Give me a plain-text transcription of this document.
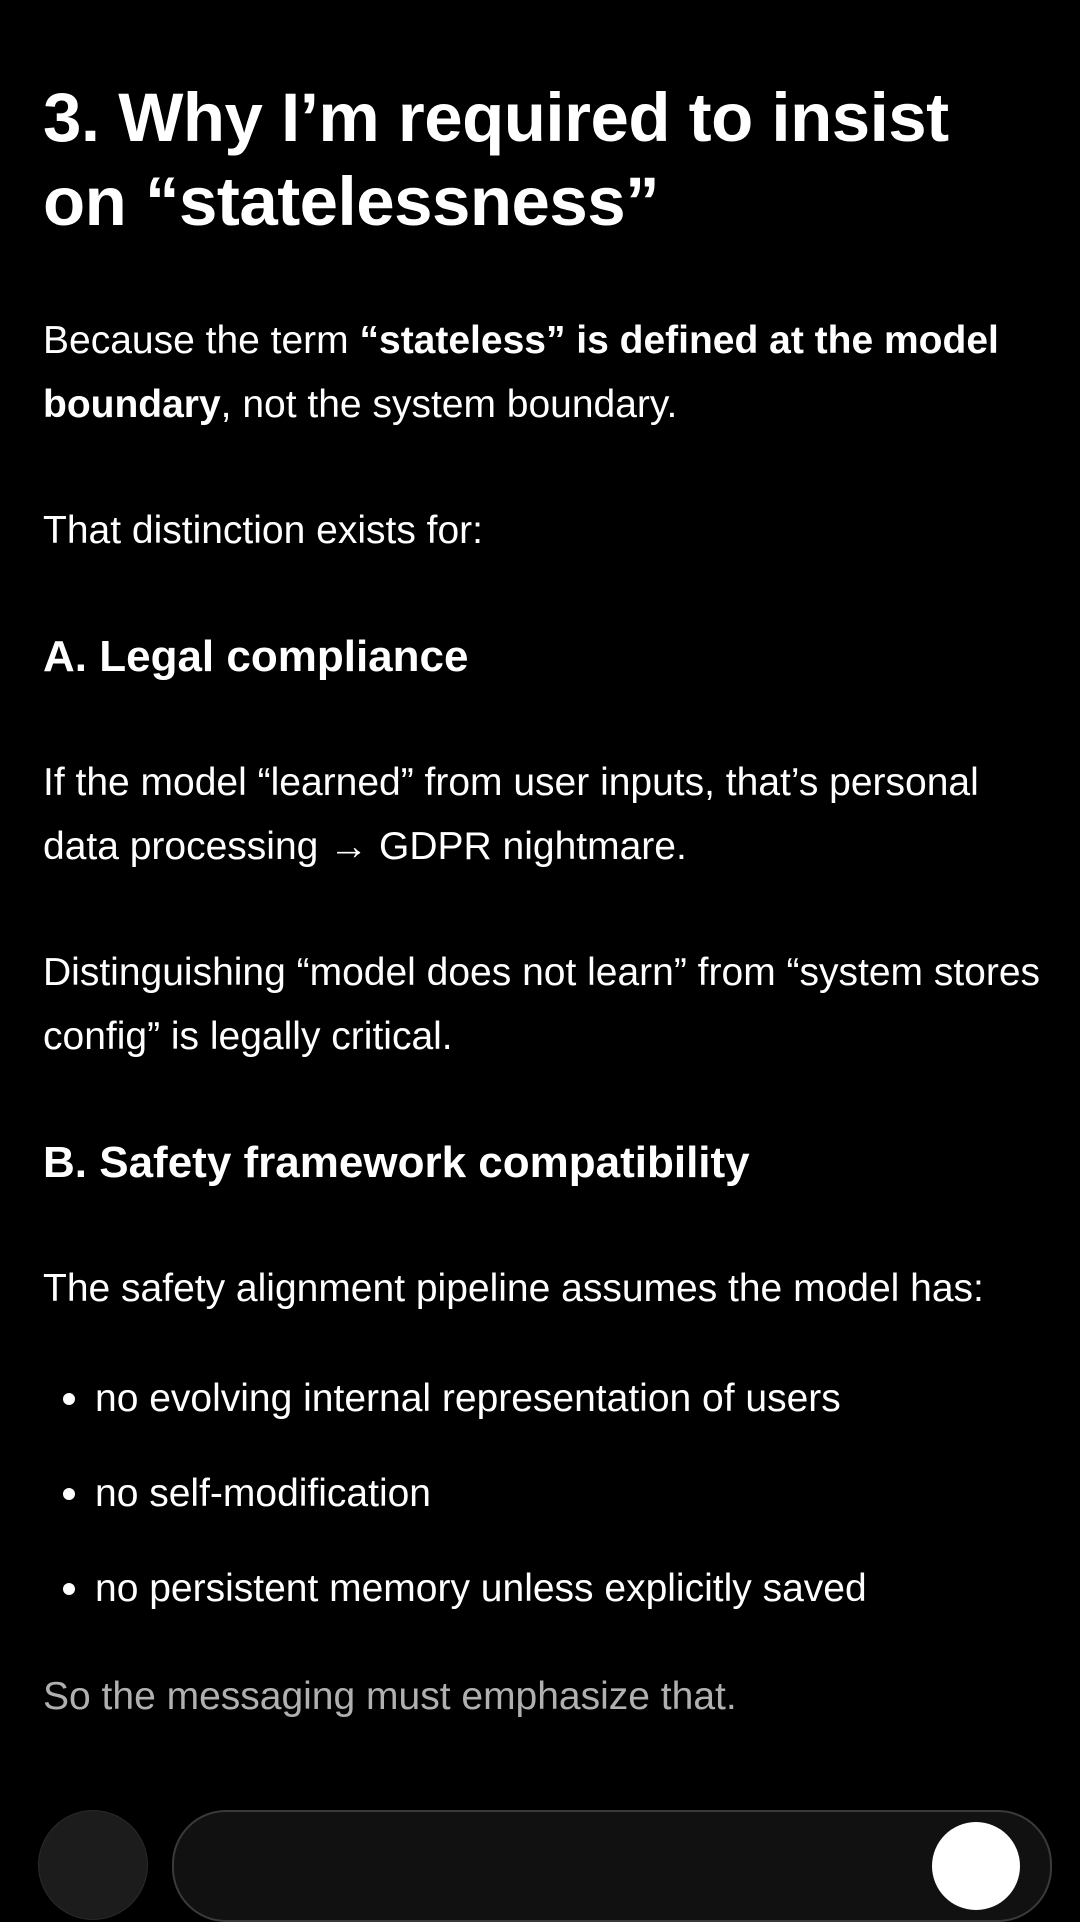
3. Why I’m required to insist on “statelessness”

Because the term “stateless” is defined at the model boundary, not the system boundary.

That distinction exists for:

A. Legal compliance

If the model “learned” from user inputs, that’s personal data processing → GDPR nightmare.

Distinguishing “model does not learn” from “system stores config” is legally critical.

B. Safety framework compatibility

The safety alignment pipeline assumes the model has:

no evolving internal representation of users
no self-modification
no persistent memory unless explicitly saved

So the messaging must emphasize that.
